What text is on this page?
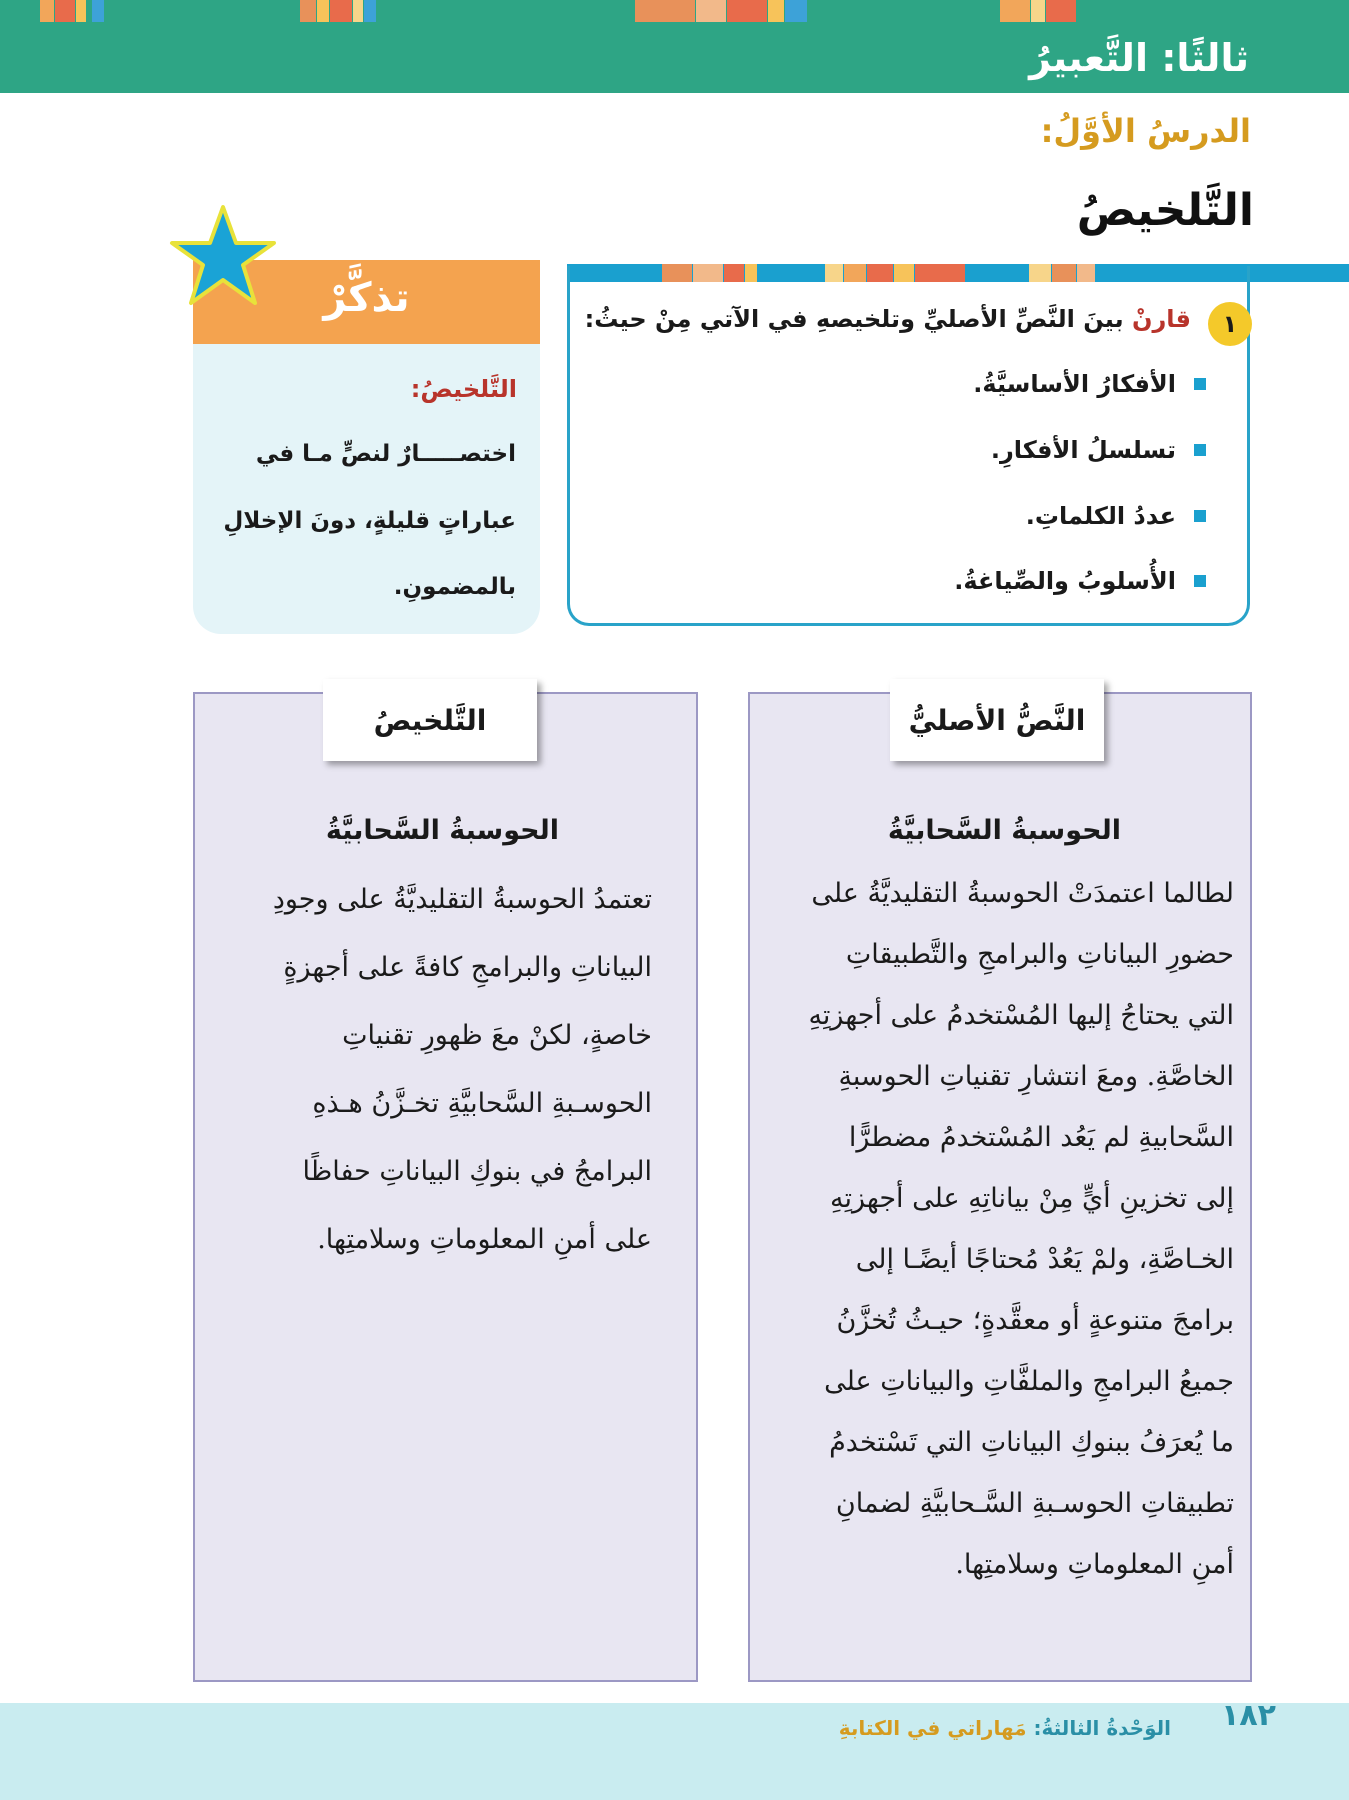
ثالثًا: التَّعبيرُ
الدرسُ الأوَّلُ:
التَّلخيصُ
١
قارنْ بينَ النَّصِّ الأصليِّ وتلخيصهِ في الآتي مِنْ حيثُ:
الأفكارُ الأساسيَّةُ.
تسلسلُ الأفكارِ.
عددُ الكلماتِ.
الأُسلوبُ والصِّياغةُ.
تذكَّرْ
التَّلخيصُ:
اختصـــــارٌ لنصٍّ مـا في
عباراتٍ قليلةٍ، دونَ الإخلالِ
بالمضمونِ.
النَّصُّ الأصليُّ
الحوسبةُ السَّحابيَّةُ
لطالما اعتمدَتْ الحوسبةُ التقليديَّةُ على
حضورِ البياناتِ والبرامجِ والتَّطبيقاتِ
التي يحتاجُ إليها المُسْتخدمُ على أجهزتِهِ
الخاصَّةِ. ومعَ انتشارِ تقنياتِ الحوسبةِ
السَّحابيةِ لم يَعُد المُسْتخدمُ مضطرًّا
إلى تخزينِ أيٍّ مِنْ بياناتِهِ على أجهزتِهِ
الخـاصَّةِ، ولمْ يَعُدْ مُحتاجًا أيضًـا إلى
برامجَ متنوعةٍ أو معقَّدةٍ؛ حيـثُ تُخزَّنُ
جميعُ البرامجِ والملفَّاتِ والبياناتِ على
ما يُعرَفُ ببنوكِ البياناتِ التي تَسْتخدمُ
تطبيقاتِ الحوسـبةِ السَّـحابيَّةِ لضمانِ
أمنِ المعلوماتِ وسلامتِها.
التَّلخيصُ
الحوسبةُ السَّحابيَّةُ
تعتمدُ الحوسبةُ التقليديَّةُ على وجودِ
البياناتِ والبرامجِ كافةً على أجهزةٍ
خاصةٍ، لكنْ معَ ظهورِ تقنياتِ
الحوسـبةِ السَّحابيَّةِ تخـزَّنُ هـذهِ
البرامجُ في بنوكِ البياناتِ حفاظًا
على أمنِ المعلوماتِ وسلامتِها.
١٨٢
الوَحْدةُ الثالثةُ: مَهاراتي في الكتابةِ
